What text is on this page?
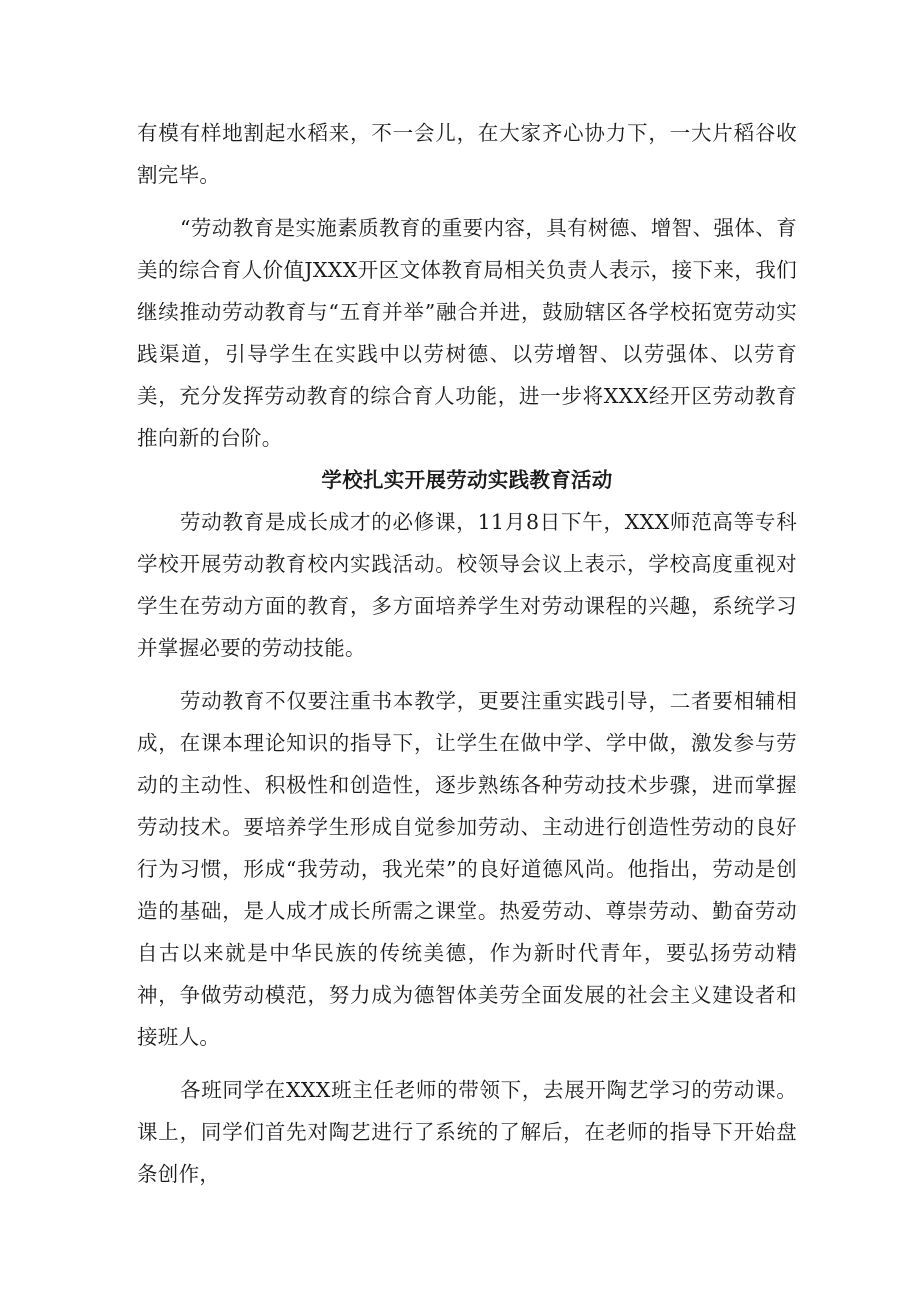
有模有样地割起水稻来，不一会儿，在大家齐心协力下，一大片稻谷收割完毕。

“劳动教育是实施素质教育的重要内容，具有树德、增智、强体、育美的综合育人价值JXXX开区文体教育局相关负责人表示，接下来，我们继续推动劳动教育与“五育并举”融合并进，鼓励辖区各学校拓宽劳动实践渠道，引导学生在实践中以劳树德、以劳增智、以劳强体、以劳育美，充分发挥劳动教育的综合育人功能，进一步将XXX经开区劳动教育推向新的台阶。

学校扎实开展劳动实践教育活动

劳动教育是成长成才的必修课，11月8日下午，XXX师范高等专科学校开展劳动教育校内实践活动。校领导会议上表示，学校高度重视对学生在劳动方面的教育，多方面培养学生对劳动课程的兴趣，系统学习并掌握必要的劳动技能。

劳动教育不仅要注重书本教学，更要注重实践引导，二者要相辅相成，在课本理论知识的指导下，让学生在做中学、学中做，激发参与劳动的主动性、积极性和创造性，逐步熟练各种劳动技术步骤，进而掌握劳动技术。要培养学生形成自觉参加劳动、主动进行创造性劳动的良好行为习惯，形成“我劳动，我光荣”的良好道德风尚。他指出，劳动是创造的基础，是人成才成长所需之课堂。热爱劳动、尊崇劳动、勤奋劳动自古以来就是中华民族的传统美德，作为新时代青年，要弘扬劳动精神，争做劳动模范，努力成为德智体美劳全面发展的社会主义建设者和接班人。

各班同学在XXX班主任老师的带领下，去展开陶艺学习的劳动课。课上，同学们首先对陶艺进行了系统的了解后，在老师的指导下开始盘条创作，
